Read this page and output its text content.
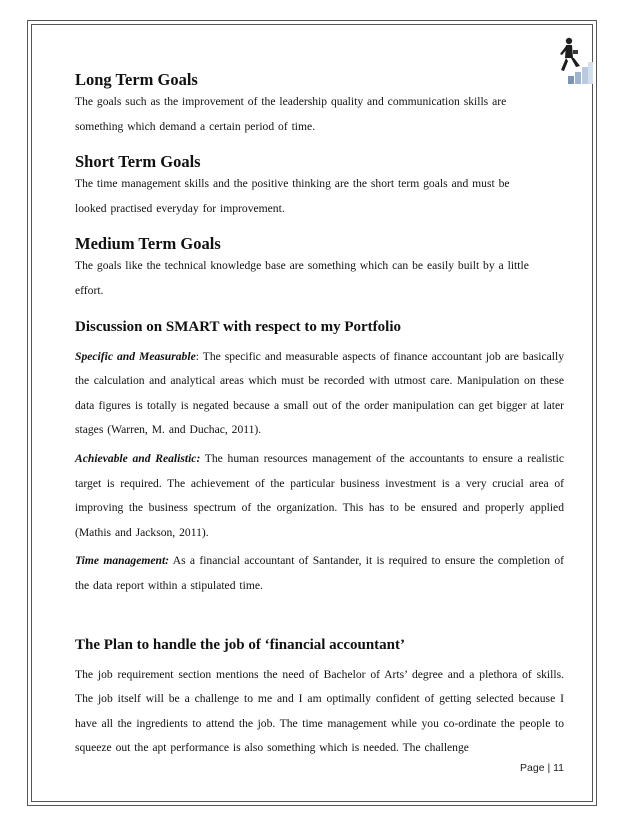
Long Term Goals

The goals such as the improvement of the leadership quality and communication skills are
something which demand a certain period of time.

Short Term Goals

The time management skills and the positive thinking are the short term goals and must be
looked practised everyday for improvement.

Medium Term Goals

The goals like the technical knowledge base are something which can be easily built by a little
effort.

Discussion on SMART with respect to my Portfolio

Specific and Measurable: The specific and measurable aspects of finance accountant job are basically the calculation and analytical areas which must be recorded with utmost care. Manipulation on these data figures is totally is negated because a small out of the order manipulation can get bigger at later stages (Warren, M. and Duchac, 2011).

Achievable and Realistic: The human resources management of the accountants to ensure a realistic target is required. The achievement of the particular business investment is a very crucial area of improving the business spectrum of the organization. This has to be ensured and properly applied (Mathis and Jackson, 2011).

Time management: As a financial accountant of Santander, it is required to ensure the completion of the data report within a stipulated time.

The Plan to handle the job of ‘financial accountant’

The job requirement section mentions the need of Bachelor of Arts’ degree and a plethora of skills. The job itself will be a challenge to me and I am optimally confident of getting selected because I have all the ingredients to attend the job. The time management while you co-ordinate the people to squeeze out the apt performance is also something which is needed. The challenge

Page | 11
